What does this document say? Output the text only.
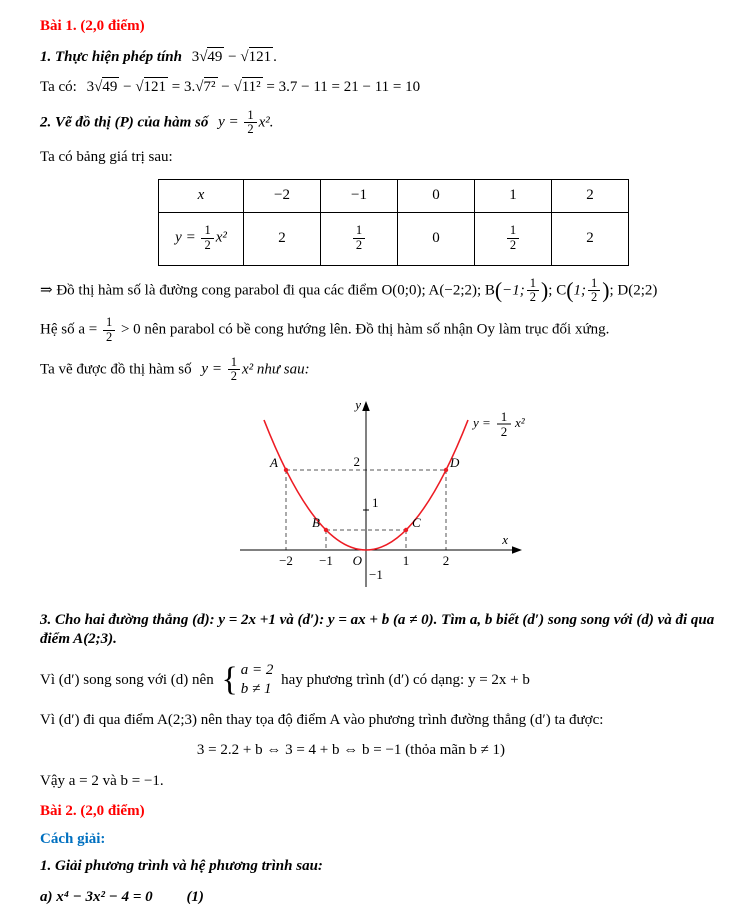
Bài 1. (2,0 điểm)

1. Thực hiện phép tính 3√49 − √121 .

Ta có: 3√49 − √121 = 3.√7² − √11² = 3.7 − 11 = 21 − 11 = 10

2. Vẽ đồ thị (P) của hàm số $y = \frac{1}{2} x^2$.

Ta có bảng giá trị sau:

x	−2	−1	0	1	2
$y = \frac{1}{2} x^2$	2	$\frac{1}{2}$	0	$\frac{1}{2}$	2

⇒ Đồ thị hàm số là đường cong parabol đi qua các điểm O(0;0); A(−2;2); B(−1; $\frac{1}{2}$ ); C(1; $\frac{1}{2}$ ); D(2;2)

Hệ số $a = \frac{1}{2} > 0$ nên parabol có bề cong hướng lên. Đồ thị hàm số nhận Oy làm trục đối xứng.

Ta vẽ được đồ thị hàm số $y = \frac{1}{2} x^2$ như sau:

A	D
B	C
−2 −1	1	2
O
2
1
−1
y
x
y = 1
2
x²

3. Cho hai đường thẳng (d): y = 2x +1 và (d′): y = ax + b (a ≠ 0). Tìm a, b biết (d′) song song với (d) và đi qua điểm A(2;3).

Vì (d′) song song với (d) nên { a = 2
b ≠ 1
hay phương trình (d′) có dạng: y = 2x + b

Vì (d′) đi qua điểm A(2;3) nên thay tọa độ điểm A vào phương trình đường thẳng (d′) ta được:

3 = 2.2 + b ⇔ 3 = 4 + b ⇔ b = −1 (thỏa mãn b ≠ 1)

Vậy a = 2 và b = −1.

Bài 2. (2,0 điểm)

Cách giải:

1. Giải phương trình và hệ phương trình sau:

a) x⁴ − 3x² − 4 = 0 (1)
